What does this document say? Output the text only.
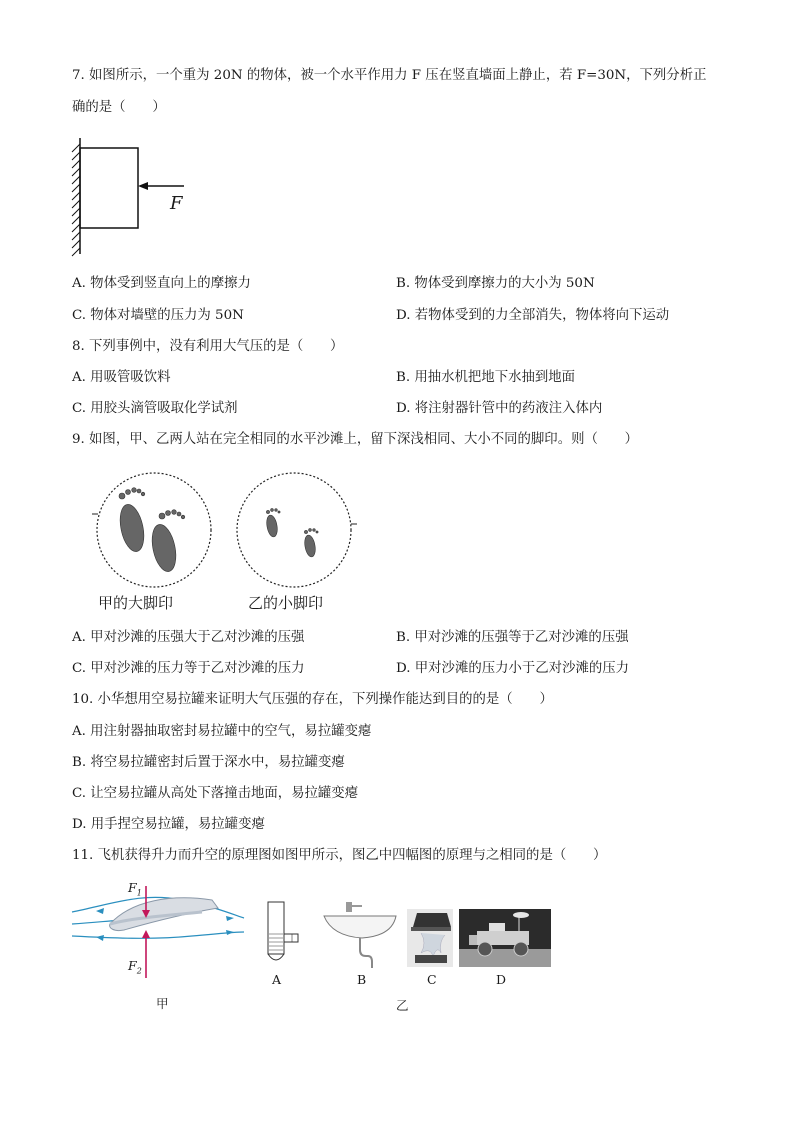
7. 如图所示，一个重为 20N 的物体，被一个水平作用力 F 压在竖直墙面上静止，若 F=30N，下列分析正
确的是（　　）
F
A. 物体受到竖直向上的摩擦力	B. 物体受到摩擦力的大小为 50N
C. 物体对墙壁的压力为 50N	D. 若物体受到的力全部消失，物体将向下运动
8. 下列事例中，没有利用大气压的是（　　）
A. 用吸管吸饮料	B. 用抽水机把地下水抽到地面
C. 用胶头滴管吸取化学试剂	D. 将注射器针管中的药液注入体内
9. 如图，甲、乙两人站在完全相同的水平沙滩上，留下深浅相同、大小不同的脚印。则（　　）
甲的大脚印	乙的小脚印
A. 甲对沙滩的压强大于乙对沙滩的压强	B. 甲对沙滩的压强等于乙对沙滩的压强
C. 甲对沙滩的压力等于乙对沙滩的压力	D. 甲对沙滩的压力小于乙对沙滩的压力
10. 小华想用空易拉罐来证明大气压强的存在，下列操作能达到目的的是（　　）
A. 用注射器抽取密封易拉罐中的空气，易拉罐变瘪
B. 将空易拉罐密封后置于深水中，易拉罐变瘪
C. 让空易拉罐从高处下落撞击地面，易拉罐变瘪
D. 用手捏空易拉罐，易拉罐变瘪
11. 飞机获得升力而升空的原理图如图甲所示，图乙中四幅图的原理与之相同的是（　　）
$F_1$
$F_2$
甲
A	B	C	D
乙
